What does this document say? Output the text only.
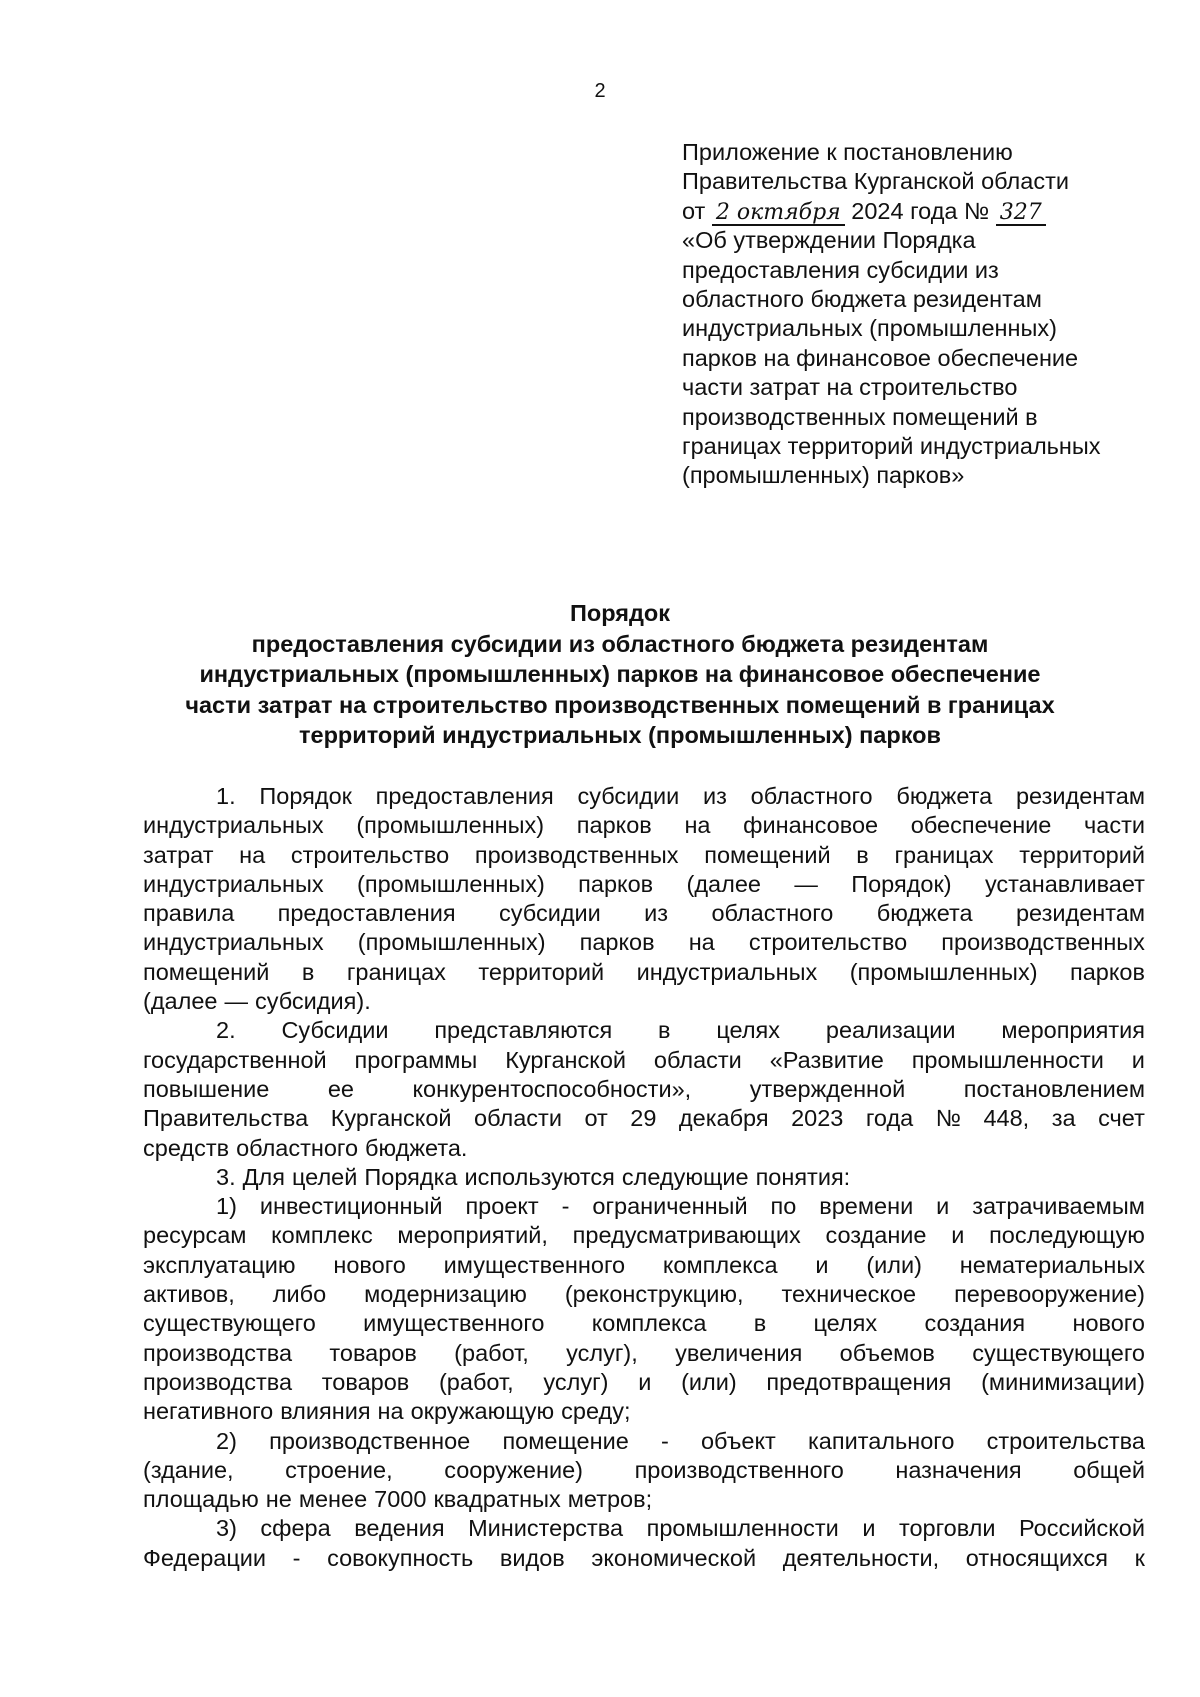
2
Приложение к постановлению
Правительства Курганской области
от 2 октября 2024 года № 327
«Об утверждении Порядка
предоставления субсидии из
областного бюджета резидентам
индустриальных (промышленных)
парков на финансовое обеспечение
части затрат на строительство
производственных помещений в
границах территорий индустриальных
(промышленных) парков»
Порядок
предоставления субсидии из областного бюджета резидентам
индустриальных (промышленных) парков на финансовое обеспечение
части затрат на строительство производственных помещений в границах
территорий индустриальных (промышленных) парков
1. Порядок предоставления субсидии из областного бюджета резидентам
индустриальных (промышленных) парков на финансовое обеспечение части
затрат на строительство производственных помещений в границах территорий
индустриальных (промышленных) парков (далее — Порядок) устанавливает
правила предоставления субсидии из областного бюджета резидентам
индустриальных (промышленных) парков на строительство производственных
помещений в границах территорий индустриальных (промышленных) парков
(далее — субсидия).
2. Субсидии представляются в целях реализации мероприятия
государственной программы Курганской области «Развитие промышленности и
повышение ее конкурентоспособности», утвержденной постановлением
Правительства Курганской области от 29 декабря 2023 года № 448, за счет
средств областного бюджета.
3. Для целей Порядка используются следующие понятия:
1) инвестиционный проект - ограниченный по времени и затрачиваемым
ресурсам комплекс мероприятий, предусматривающих создание и последующую
эксплуатацию нового имущественного комплекса и (или) нематериальных
активов, либо модернизацию (реконструкцию, техническое перевооружение)
существующего имущественного комплекса в целях создания нового
производства товаров (работ, услуг), увеличения объемов существующего
производства товаров (работ, услуг) и (или) предотвращения (минимизации)
негативного влияния на окружающую среду;
2) производственное помещение - объект капитального строительства
(здание, строение, сооружение) производственного назначения общей
площадью не менее 7000 квадратных метров;
3) сфера ведения Министерства промышленности и торговли Российской
Федерации - совокупность видов экономической деятельности, относящихся к
